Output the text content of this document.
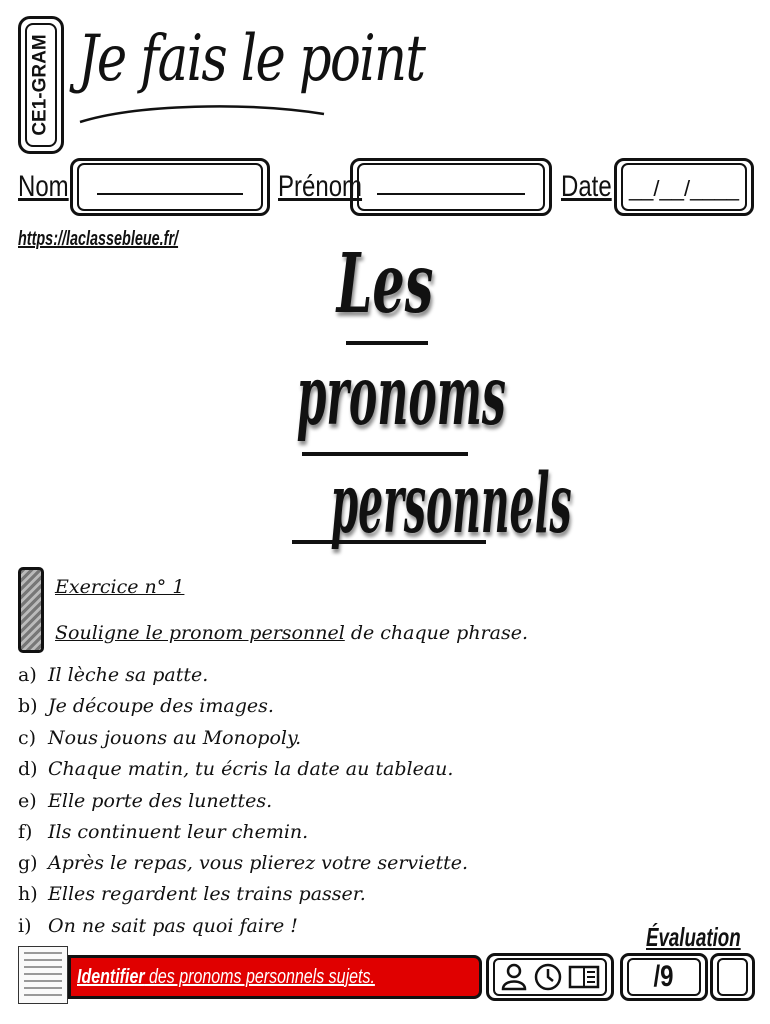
CE1-GRAM Je fais le point
Nom	Prénom	Date __/__/____
https://laclassebleue.fr/	Les
pronoms
personnels
Exercice n° 1
Souligne le pronom personnel de chaque phrase.
a) Il lèche sa patte.
b) Je découpe des images.
c) Nous jouons au Monopoly.
d) Chaque matin, tu écris la date au tableau.
e) Elle porte des lunettes.
f) Ils continuent leur chemin.
g) Après le repas, vous plierez votre serviette.
h) Elles regardent les trains passer.
i) On ne sait pas quoi faire !	Évaluation
Identifier des pronoms personnels sujets.	/9
